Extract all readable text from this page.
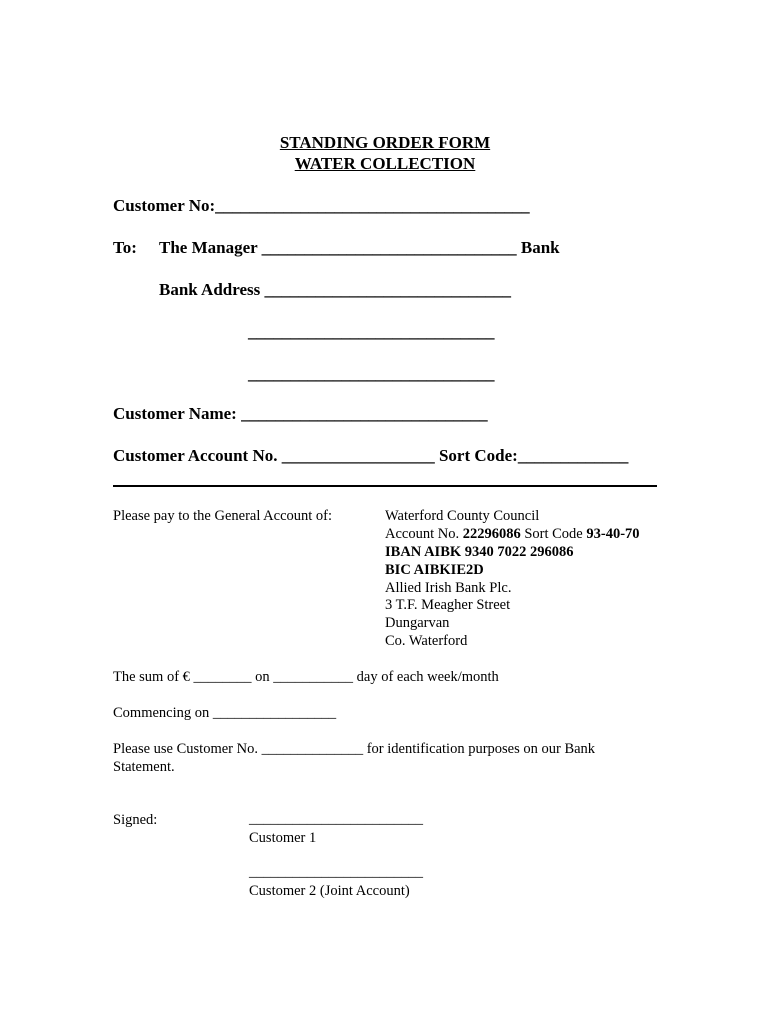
STANDING ORDER FORM
WATER COLLECTION
Customer No:_____________________________________
To: The Manager ______________________________ Bank
Bank Address _____________________________
_____________________________
_____________________________
Customer Name: _____________________________
Customer Account No. __________________ Sort Code:_____________
Please pay to the General Account of:	Waterford County Council
Account No. 22296086 Sort Code 93-40-70
IBAN AIBK 9340 7022 296086
BIC AIBKIE2D
Allied Irish Bank Plc.
3 T.F. Meagher Street
Dungarvan
Co. Waterford
The sum of € ________ on ___________ day of each week/month
Commencing on _________________
Please use Customer No. ______________ for identification purposes on our Bank
Statement.
Signed:	________________________
Customer 1
________________________
Customer 2 (Joint Account)
